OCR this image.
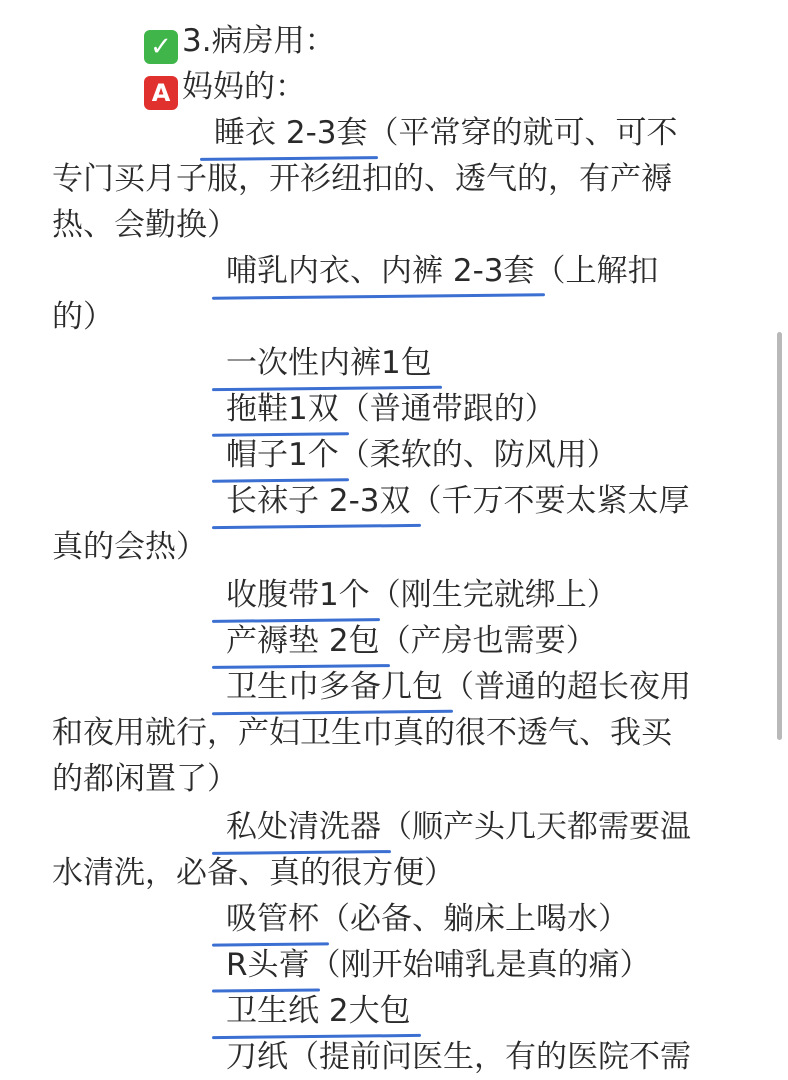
✓ 3.病房用：
A 妈妈的：
睡衣 2-3套（平常穿的就可、可不
专门买月子服，开衫纽扣的、透气的，有产褥
热、会勤换）
哺乳内衣、内裤 2-3套（上解扣
的）
一次性内裤1包
拖鞋1双（普通带跟的）
帽子1个（柔软的、防风用）
长袜子 2-3双（千万不要太紧太厚
真的会热）
收腹带1个（刚生完就绑上）
产褥垫 2包（产房也需要）
卫生巾多备几包（普通的超长夜用
和夜用就行，产妇卫生巾真的很不透气、我买
的都闲置了）
私处清洗器（顺产头几天都需要温
水清洗，必备、真的很方便）
吸管杯（必备、躺床上喝水）
R头膏（刚开始哺乳是真的痛）
卫生纸 2大包
刀纸（提前问医生，有的医院不需
